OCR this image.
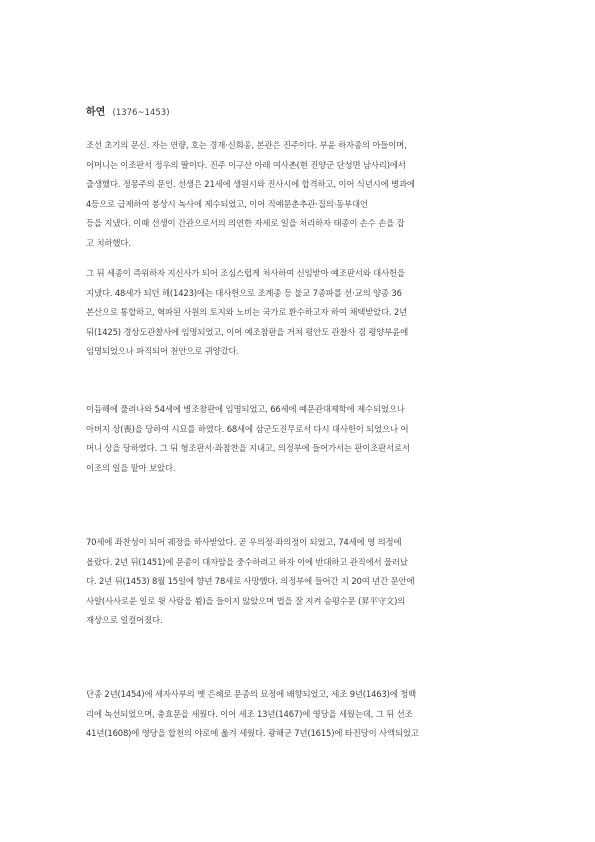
하연 (1376~1453)
조선 초기의 문신. 자는 연량, 호는 경재·신희옹, 본관은 진주이다. 부윤 하자종의 아들이며,
어머니는 이조판서 정우의 딸이다. 진주 이구산 아래 여사촌(현 진양군 단성면 남사리)에서
출생했다. 정몽주의 문인. 선생은 21세에 생원시와 진사시에 합격하고, 이어 식년시에 병과에
4등으로 급제하여 봉상시 녹사에 제수되었고, 이어 직예문춘추관·집의·동부대언
등을 지냈다. 이때 선생이 간관으로서의 의연한 자세로 일을 처리하자 태종이 손수 손을 잡
고 치하했다.
그 뒤 세종이 즉위하자 지신사가 되어 조심스럽게 처사하여 신임받아 예조판서와 대사헌을
지냈다. 48세가 되던 해(1423)에는 대사헌으로 조계종 등 불교 7종파를 선·교의 양종 36
본산으로 통합하고, 혁파된 사원의 토지와 노비는 국가로 환수하고자 하여 채택받았다. 2년
뒤(1425) 경상도관찰사에 임명되었고, 이어 예조참판을 거쳐 평안도 관찰사 겸 평양부윤에
임명되었으나 파직되어 천안으로 귀양갔다.
이듬해에 풀려나와 54세에 병조참판에 임명되었고, 66세에 예문관대제학에 제수되었으나
아버지 상(喪)을 당하여 시묘를 하였다. 68세에 삼군도진무로서 다시 대사헌이 되었으나 어
머니 상을 당하였다. 그 뒤 형조판서·좌참찬을 지내고, 의정부에 들어가서는 판이조판서로서
이조의 일을 맡아 보았다.
70세에 좌찬성이 되어 궤장을 하사받았다. 곧 우의정·좌의정이 되었고, 74세에 영 의정에
올랐다. 2년 뒤(1451)에 문종이 대자암을 중수하려고 하자 이에 반대하고 관직에서 물러났
다. 2년 뒤(1453) 8월 15일에 향년 78세로 사망했다. 의정부에 들어간 지 20여 년간 문안에
사알(사사로운 일로 윗 사람을 뵘)을 들이지 않았으며 법을 잘 지켜 승평수문 (昇平守文)의
재상으로 일컬어졌다.
단종 2년(1454)에 세자사부의 옛 은혜로 문종의 묘정에 배향되었고, 세조 9년(1463)에 청백
리에 녹선되었으며, 충효문을 세웠다. 이어 세조 13년(1467)에 영당을 세웠는데, 그 뒤 선조
41년(1608)에 영당을 합천의 야로에 옮겨 세웠다. 광해군 7년(1615)에 타진당이 사액되었고
